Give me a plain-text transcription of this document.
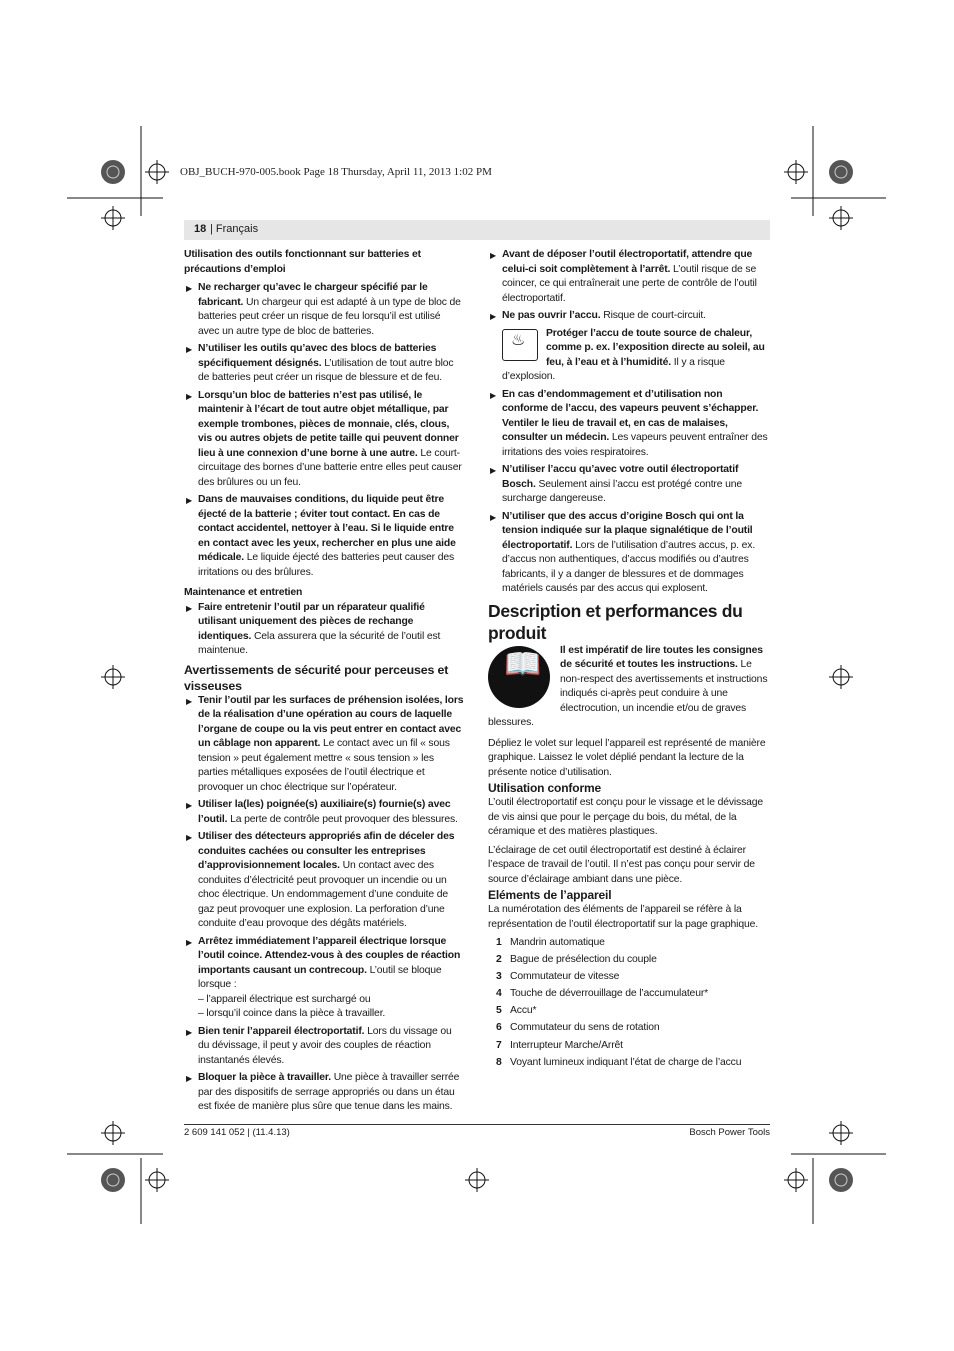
OBJ_BUCH-970-005.book Page 18 Thursday, April 11, 2013 1:02 PM
18 | Français

Utilisation des outils fonctionnant sur batteries et précautions d’emploi

▶ Ne recharger qu’avec le chargeur spécifié par le fabricant. Un chargeur qui est adapté à un type de bloc de batteries peut créer un risque de feu lorsqu’il est utilisé avec un autre type de bloc de batteries.
▶ N’utiliser les outils qu’avec des blocs de batteries spécifiquement désignés. L’utilisation de tout autre bloc de batteries peut créer un risque de blessure et de feu.
▶ Lorsqu’un bloc de batteries n’est pas utilisé, le maintenir à l’écart de tout autre objet métallique, par exemple trombones, pièces de monnaie, clés, clous, vis ou autres objets de petite taille qui peuvent donner lieu à une connexion d’une borne à une autre. Le court-circuitage des bornes d’une batterie entre elles peut causer des brûlures ou un feu.
▶ Dans de mauvaises conditions, du liquide peut être éjecté de la batterie ; éviter tout contact. En cas de contact accidentel, nettoyer à l’eau. Si le liquide entre en contact avec les yeux, rechercher en plus une aide médicale. Le liquide éjecté des batteries peut causer des irritations ou des brûlures.

Maintenance et entretien

▶ Faire entretenir l’outil par un réparateur qualifié utilisant uniquement des pièces de rechange identiques. Cela assurera que la sécurité de l’outil est maintenue.

Avertissements de sécurité pour perceuses et visseuses

▶ Tenir l’outil par les surfaces de préhension isolées, lors de la réalisation d’une opération au cours de laquelle l’organe de coupe ou la vis peut entrer en contact avec un câblage non apparent. Le contact avec un fil « sous tension » peut également mettre « sous tension » les parties métalliques exposées de l’outil électrique et provoquer un choc électrique sur l’opérateur.
▶ Utiliser la(les) poignée(s) auxiliaire(s) fournie(s) avec l’outil. La perte de contrôle peut provoquer des blessures.
▶ Utiliser des détecteurs appropriés afin de déceler des conduites cachées ou consulter les entreprises d’approvisionnement locales. Un contact avec des conduites d’électricité peut provoquer un incendie ou un choc électrique. Un endommagement d’une conduite de gaz peut provoquer une explosion. La perforation d’une conduite d’eau provoque des dégâts matériels.
▶ Arrêtez immédiatement l’appareil électrique lorsque l’outil coince. Attendez-vous à des couples de réaction importants causant un contrecoup. L’outil se bloque lorsque :
– l’appareil électrique est surchargé ou
– lorsqu’il coince dans la pièce à travailler.
▶ Bien tenir l’appareil électroportatif. Lors du vissage ou du dévissage, il peut y avoir des couples de réaction instantanés élevés.
▶ Bloquer la pièce à travailler. Une pièce à travailler serrée par des dispositifs de serrage appropriés ou dans un étau est fixée de manière plus sûre que tenue dans les mains.
▶ Avant de déposer l’outil électroportatif, attendre que celui-ci soit complètement à l’arrêt. L’outil risque de se coincer, ce qui entraînerait une perte de contrôle de l’outil électroportatif.
▶ Ne pas ouvrir l’accu. Risque de court-circuit.
♨ Protéger l’accu de toute source de chaleur, comme p. ex. l’exposition directe au soleil, au feu, à l’eau et à l’humidité. Il y a risque d’explosion.
▶ En cas d’endommagement et d’utilisation non conforme de l’accu, des vapeurs peuvent s’échapper. Ventiler le lieu de travail et, en cas de malaises, consulter un médecin. Les vapeurs peuvent entraîner des irritations des voies respiratoires.
▶ N’utiliser l’accu qu’avec votre outil électroportatif Bosch. Seulement ainsi l’accu est protégé contre une surcharge dangereuse.
▶ N’utiliser que des accus d’origine Bosch qui ont la tension indiquée sur la plaque signalétique de l’outil électroportatif. Lors de l’utilisation d’autres accus, p. ex. d’accus non authentiques, d’accus modifiés ou d’autres fabricants, il y a danger de blessures et de dommages matériels causés par des accus qui explosent.

Description et performances du produit

📖 Il est impératif de lire toutes les consignes de sécurité et toutes les instructions. Le non-respect des avertissements et instructions indiqués ci-après peut conduire à une électrocution, un incendie et/ou de graves blessures.

Dépliez le volet sur lequel l’appareil est représenté de manière graphique. Laissez le volet déplié pendant la lecture de la présente notice d’utilisation.

Utilisation conforme

L’outil électroportatif est conçu pour le vissage et le dévissage de vis ainsi que pour le perçage du bois, du métal, de la céramique et des matières plastiques.

L’éclairage de cet outil électroportatif est destiné à éclairer l’espace de travail de l’outil. Il n’est pas conçu pour servir de source d’éclairage ambiant dans une pièce.

Eléments de l’appareil

La numérotation des éléments de l’appareil se réfère à la représentation de l’outil électroportatif sur la page graphique.

1 Mandrin automatique
2 Bague de présélection du couple
3 Commutateur de vitesse
4 Touche de déverrouillage de l’accumulateur*
5 Accu*
6 Commutateur du sens de rotation
7 Interrupteur Marche/Arrêt
8 Voyant lumineux indiquant l’état de charge de l’accu
2 609 141 052 | (11.4.13)	Bosch Power Tools
